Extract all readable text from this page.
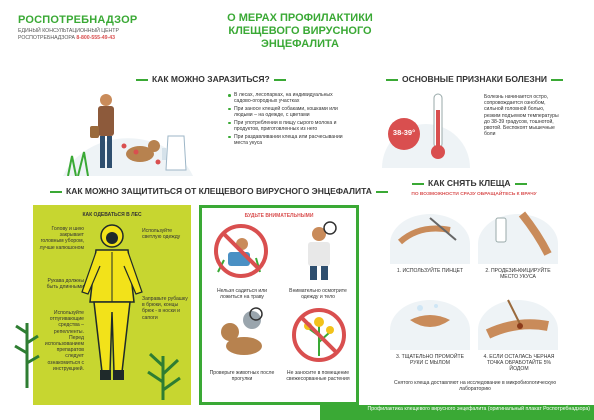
РОСПОТРЕБНАДЗОР
ЕДИНЫЙ КОНСУЛЬТАЦИОННЫЙ ЦЕНТР
РОСПОТРЕБНАДЗОРА 8-800-555-49-43
О МЕРАХ ПРОФИЛАКТИКИ
КЛЕЩЕВОГО ВИРУСНОГО ЭНЦЕФАЛИТА
КАК МОЖНО ЗАРАЗИТЬСЯ?
В лесах, лесопарках, на индивидуальных садово-огородных участках
При заносе клещей собаками, кошками или людьми – на одежде, с цветами
При употреблении в пищу сырого молока и продуктов, приготовленных из него
При раздавливании клеща или расчесывании места укуса
ОСНОВНЫЕ ПРИЗНАКИ БОЛЕЗНИ
38-39°
Болезнь начинается остро, сопровождается ознобом, сильной головной болью, резким подъемом температуры до 38-39 градусов, тошнотой, рвотой. Беспокоят мышечные боли
КАК МОЖНО ЗАЩИТИТЬСЯ ОТ КЛЕЩЕВОГО ВИРУСНОГО ЭНЦЕФАЛИТА
КАК ОДЕВАТЬСЯ В ЛЕС
Голову и шею закрывает головным убором, лучше капюшоном
Рукава должны быть длинными
Используйте отпугивающие средства – репелленты. Перед использованием препаратов следует ознакомиться с инструкцией.
Используйте светлую одежду
Заправьте рубашку в брюки, концы брюк - в носки и сапоги
БУДЬТЕ ВНИМАТЕЛЬНЫМИ
Нельзя садиться или ложиться на траву
Внимательно осмотрите одежду и тело
Проверьте животных после прогулки
Не заносите в помещение свежесорванные растения
КАК СНЯТЬ КЛЕЩА
ПО ВОЗМОЖНОСТИ СРАЗУ ОБРАЩАЙТЕСЬ К ВРАЧУ
1. ИСПОЛЬЗУЙТЕ ПИНЦЕТ	2. ПРОДЕЗИНФИЦИРУЙТЕ МЕСТО УКУСА
3. ТЩАТЕЛЬНО ПРОМОЙТЕ РУКИ С МЫЛОМ
4. ЕСЛИ ОСТАЛАСЬ ЧЕРНАЯ ТОЧКА ОБРАБОТАЙТЕ 5% ЙОДОМ
Снятого клеща доставляют на исследование в микробиологическую лабораторию
Профилактика клещевого вирусного энцефалита (оригинальный плакат Роспотребнадзора)
